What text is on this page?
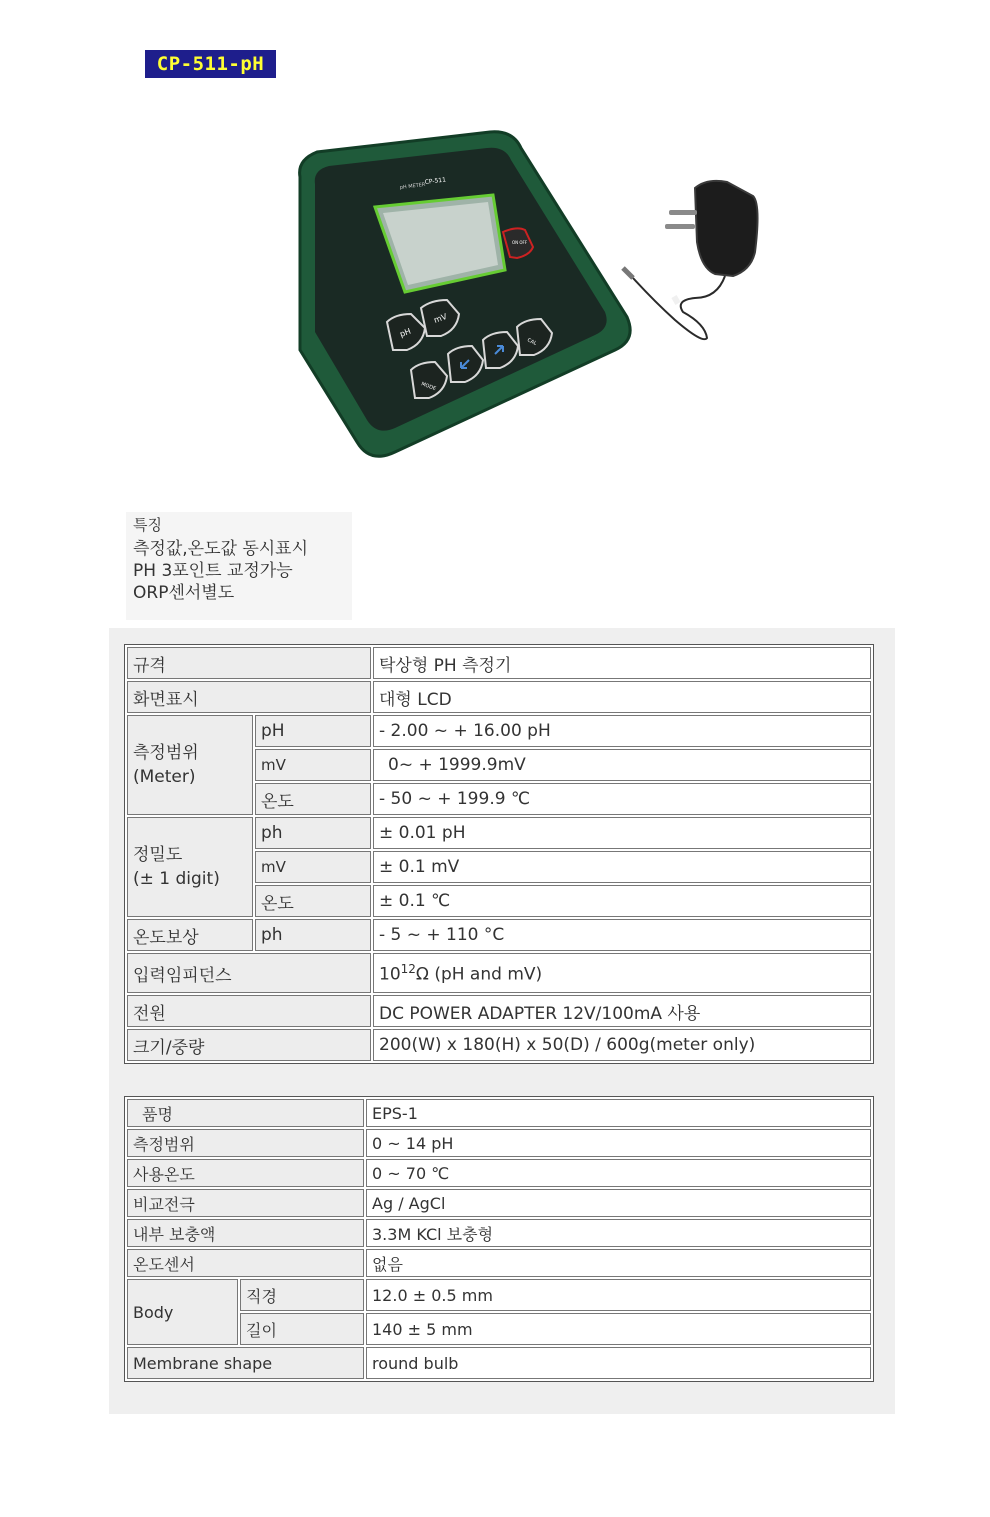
CP-511-pH
pH METER
CP-511
ON OFF
pH
mV
MODE
CAL
특징
측정값,온도값 동시표시
PH 3포인트 교정가능
ORP센서별도
규격		탁상형 PH 측정기
화면표시		대형 LCD

측정범위
(Meter)	pH	- 2.00 ~ + 16.00 pH
	mV	0~ + 1999.9mV
	온도	- 50 ~ + 199.9 ℃

정밀도
(± 1 digit)	ph	± 0.01 pH
	mV	± 0.1 mV
	온도	± 0.1 ℃
온도보상	ph	- 5 ~ + 110 °C
입력임피던스		$10^{12}\Omega$ (pH and mV)
전원		DC POWER ADAPTER 12V/100mA 사용
크기/중량		200(W) x 180(H) x 50(D) / 600g(meter only)
품명		EPS-1
측정범위		0 ~ 14 pH
사용온도		0 ~ 70 ℃
비교전극		Ag / AgCl
내부 보충액		3.3M KCl 보충형
온도센서		없음
Body	직경	12.0 ± 0.5 mm
	길이	140 ± 5 mm
Membrane shape		round bulb
